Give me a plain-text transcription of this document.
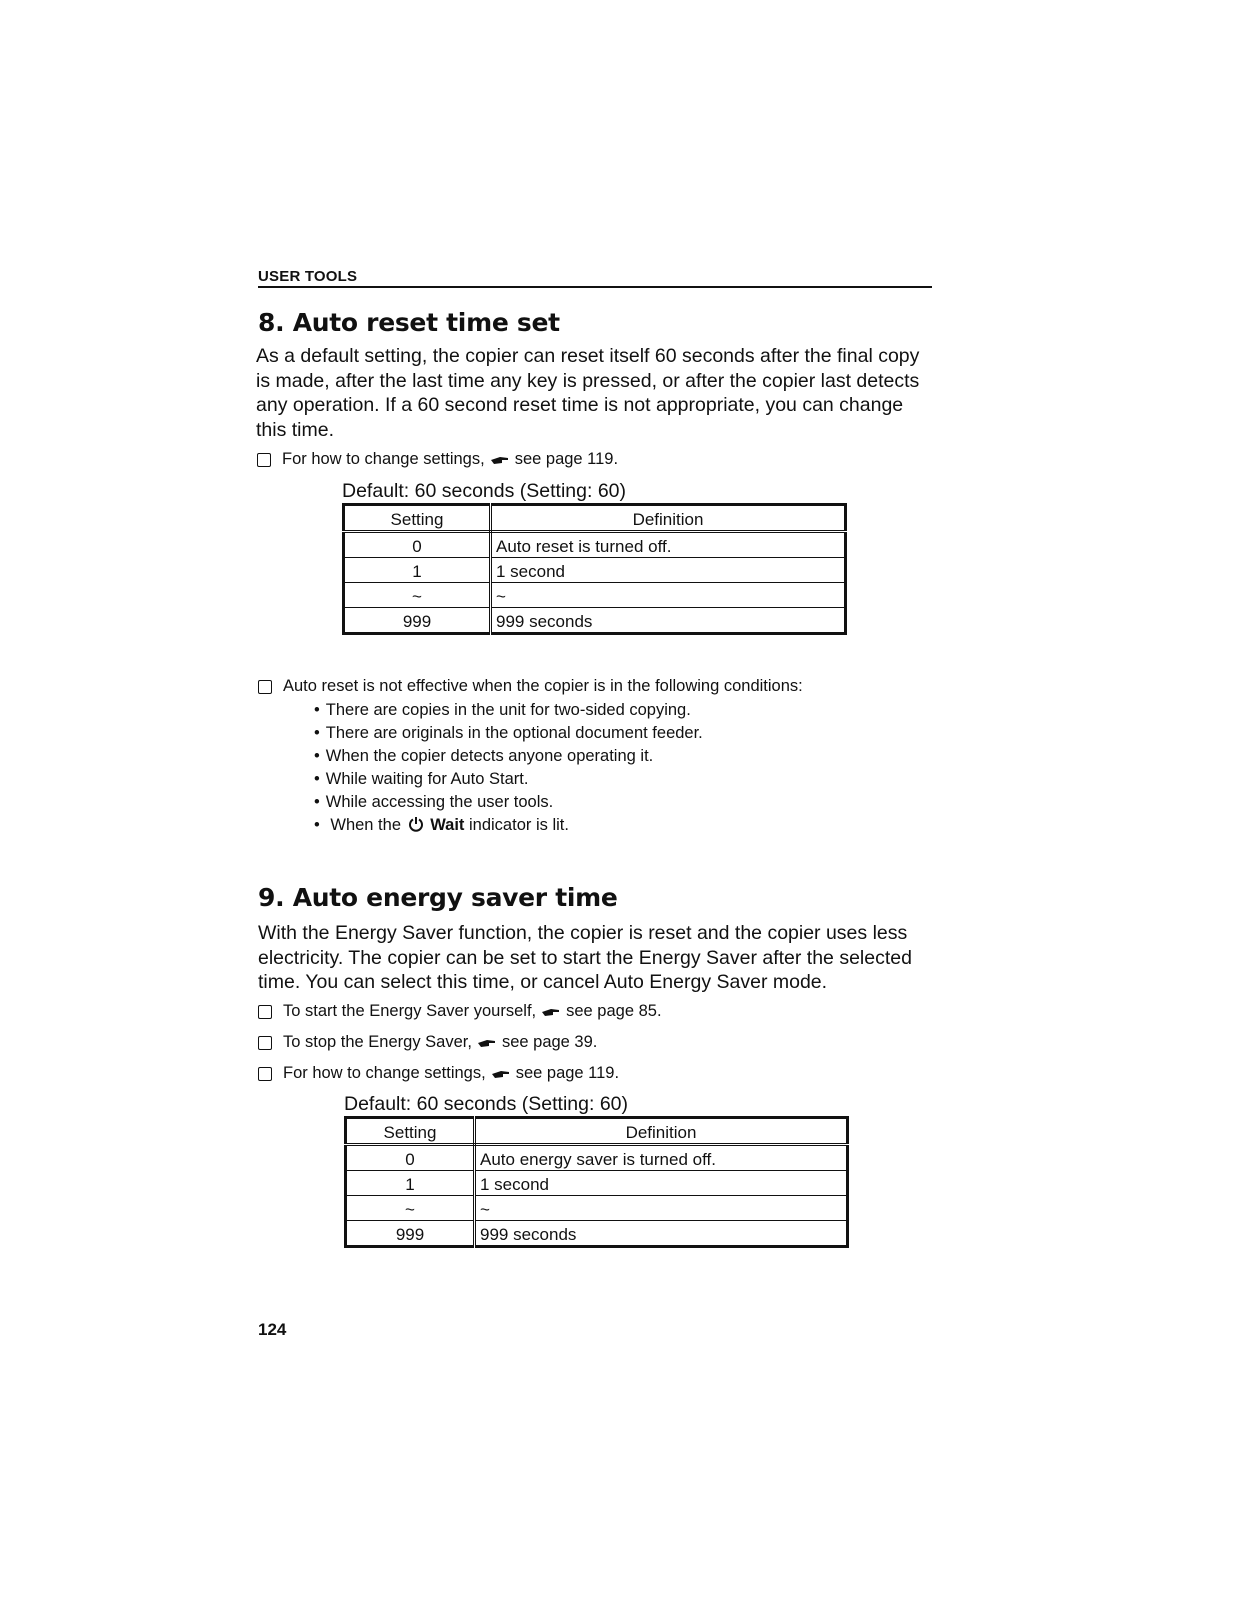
USER TOOLS
8. Auto reset time set
As a default setting, the copier can reset itself 60 seconds after the final copy is made, after the last time any key is pressed, or after the copier last detects any operation. If a 60 second reset time is not appropriate, you can change this time.
For how to change settings, see page 119.
Default: 60 seconds (Setting: 60)
Setting	Definition
0	Auto reset is turned off.
1	1 second
~	~
999	999 seconds
Auto reset is not effective when the copier is in the following conditions:
• There are copies in the unit for two-sided copying.
• There are originals in the optional document feeder.
• When the copier detects anyone operating it.
• While waiting for Auto Start.
• While accessing the user tools.
• When the Wait indicator is lit.
9. Auto energy saver time
With the Energy Saver function, the copier is reset and the copier uses less electricity. The copier can be set to start the Energy Saver after the selected time. You can select this time, or cancel Auto Energy Saver mode.
To start the Energy Saver yourself, see page 85.
To stop the Energy Saver, see page 39.
For how to change settings, see page 119.
Default: 60 seconds (Setting: 60)
Setting	Definition
0	Auto energy saver is turned off.
1	1 second
~	~
999	999 seconds
124
